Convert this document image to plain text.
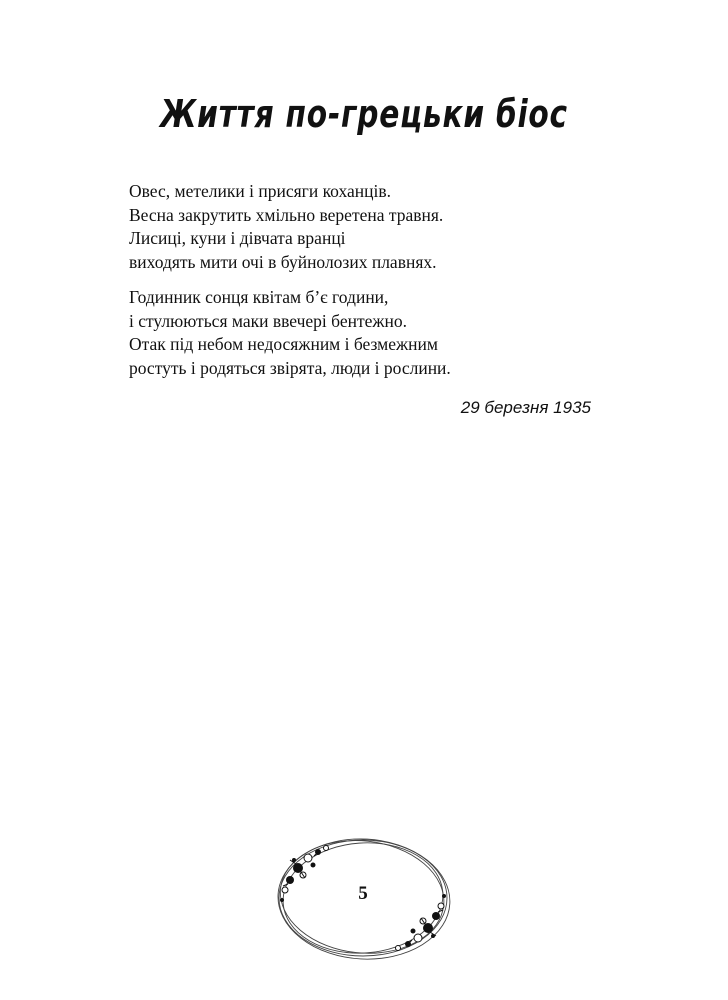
Життя по-грецьки біос
Овес, метелики і присяги коханців.
Весна закрутить хмільно веретена травня.
Лисиці, куни і дівчата вранці
виходять мити очі в буйнолозих плавнях.
Годинник сонця квітам б’є години,
і стулюються маки ввечері бентежно.
Отак під небом недосяжним і безмежним
ростуть і родяться звірята, люди і рослини.
29 березня 1935
5
